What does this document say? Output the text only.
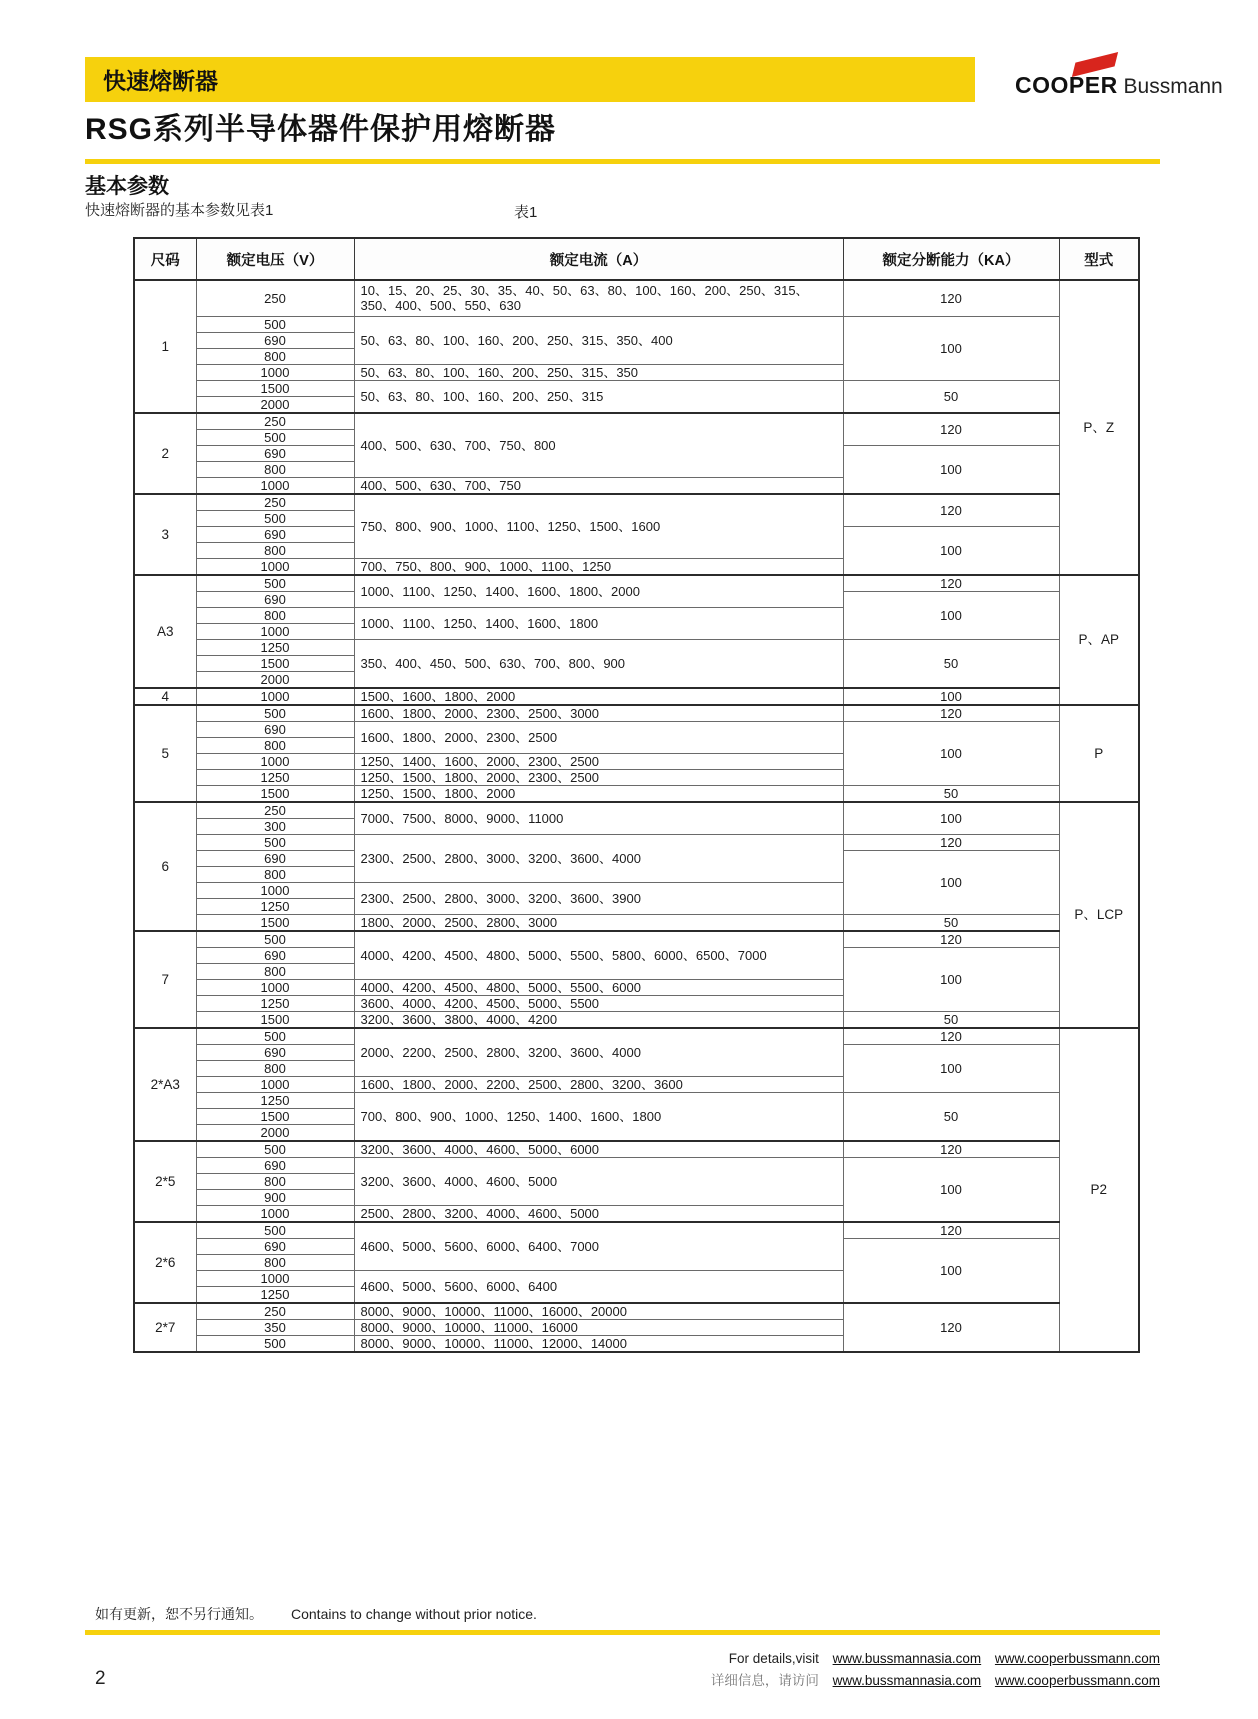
快速熔断器	COOPER Bussmann
RSG系列半导体器件保护用熔断器
基本参数
快速熔断器的基本参数见表1	表1
尺码	额定电压（V）	额定电流（A）	额定分断能力（KA）	型式
1	250	10、15、20、25、30、35、40、50、63、80、100、160、200、250、315、350、400、500、550、630	120	P、Z
	500	50、63、80、100、160、200、250、315、350、400	100	
	690			
	800			
	1000	50、63、80、100、160、200、250、315、350		
	1500	50、63、80、100、160、200、250、315	50	
	2000			
2	250	400、500、630、700、750、800	120	
	500			
	690		100	
	800			
	1000	400、500、630、700、750		
3	250	750、800、900、1000、1100、1250、1500、1600	120	
	500			
	690		100	
	800			
	1000	700、750、800、900、1000、1100、1250		
A3	500	1000、1100、1250、1400、1600、1800、2000	120	P、AP
	690		100	
	800	1000、1100、1250、1400、1600、1800		
	1000			
	1250	350、400、450、500、630、700、800、900	50	
	1500			
	2000			
4	1000	1500、1600、1800、2000	100	
5	500	1600、1800、2000、2300、2500、3000	120	P
	690	1600、1800、2000、2300、2500	100	
	800			
	1000	1250、1400、1600、2000、2300、2500		
	1250	1250、1500、1800、2000、2300、2500		
	1500	1250、1500、1800、2000	50	
6	250	7000、7500、8000、9000、11000	100	P、LCP
	300			
	500	2300、2500、2800、3000、3200、3600、4000	120	
	690		100	
	800			
	1000	2300、2500、2800、3000、3200、3600、3900		
	1250			
	1500	1800、2000、2500、2800、3000	50	
7	500	4000、4200、4500、4800、5000、5500、5800、6000、6500、7000	120	
	690		100	
	800			
	1000	4000、4200、4500、4800、5000、5500、6000		
	1250	3600、4000、4200、4500、5000、5500		
	1500	3200、3600、3800、4000、4200	50	
2*A3	500	2000、2200、2500、2800、3200、3600、4000	120	P2
	690		100	
	800			
	1000	1600、1800、2000、2200、2500、2800、3200、3600		
	1250	700、800、900、1000、1250、1400、1600、1800	50	
	1500			
	2000			
2*5	500	3200、3600、4000、4600、5000、6000	120	
	690	3200、3600、4000、4600、5000	100	
	800			
	900			
	1000	2500、2800、3200、4000、4600、5000		
2*6	500	4600、5000、5600、6000、6400、7000	120	
	690		100	
	800			
	1000	4600、5000、5600、6000、6400		
	1250			
2*7	250	8000、9000、10000、11000、16000、20000	120	
	350	8000、9000、10000、11000、16000		
	500	8000、9000、10000、11000、12000、14000		
如有更新，恕不另行通知。 Contains to change without prior notice.
For details,visit www.bussmannasia.com www.cooperbussmann.com
详细信息，请访问 www.bussmannasia.com www.cooperbussmann.com
2
